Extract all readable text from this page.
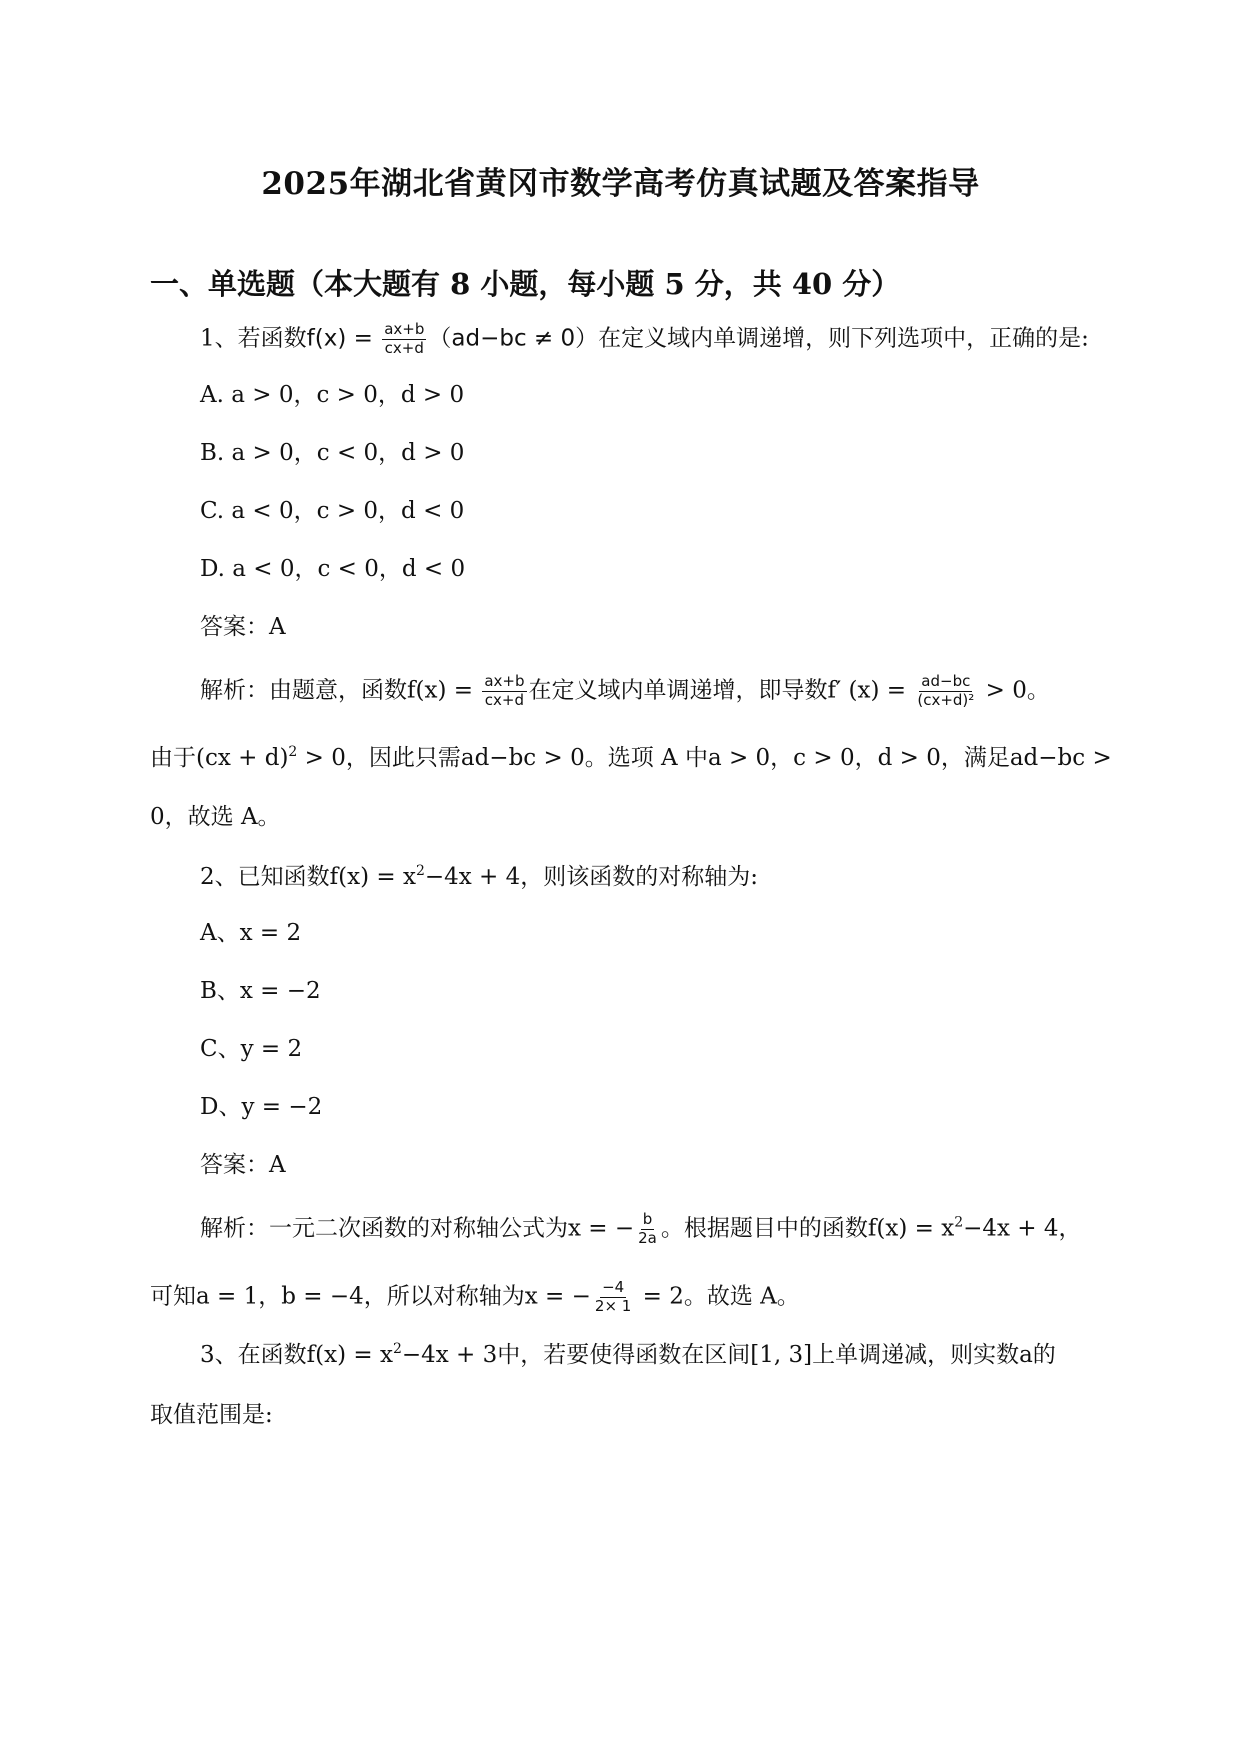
2025年湖北省黄冈市数学高考仿真试题及答案指导
一、单选题（本大题有 8 小题，每小题 5 分，共 40 分）
1、若函数$f(x) = \frac{ax+b}{cx+d} (ad-bc \ne 0)$在定义域内单调递增，则下列选项中，正确的是:
A. a > 0，c > 0，d > 0
B. a > 0，c < 0，d > 0
C. a < 0，c > 0，d < 0
D. a < 0，c < 0，d < 0
答案：A
解析：由题意，函数$f(x) = \frac{ax+b}{cx+d}$ 在定义域内单调递增，即导数f′ $(x) = \frac{ad-bc}{\text{(cx+d)²}} > 0$。
由于(cx + d)$^2$ > 0，因此只需ad−bc > 0。选项 A 中a > 0，c > 0，d > 0，满足ad−bc >
0，故选 A。
2、已知函数$f(x) = x^2-4x + 4$，则该函数的对称轴为:
A、x = 2
B、x = −2
C、y = 2
D、y = −2
答案：A
解析：一元二次函数的对称轴公式为x = − $\frac{b}{2a}$ 。根据题目中的函数$f(x) = x^2-4x + 4$，
可知a = 1，b = −4，所以对称轴为x = − $\frac{-4}{2\times 1} = 2$。故选 A。
3、在函数$f(x) = x^2-4x + 3$中，若要使得函数在区间[1, 3]上单调递减，则实数a的
取值范围是:
